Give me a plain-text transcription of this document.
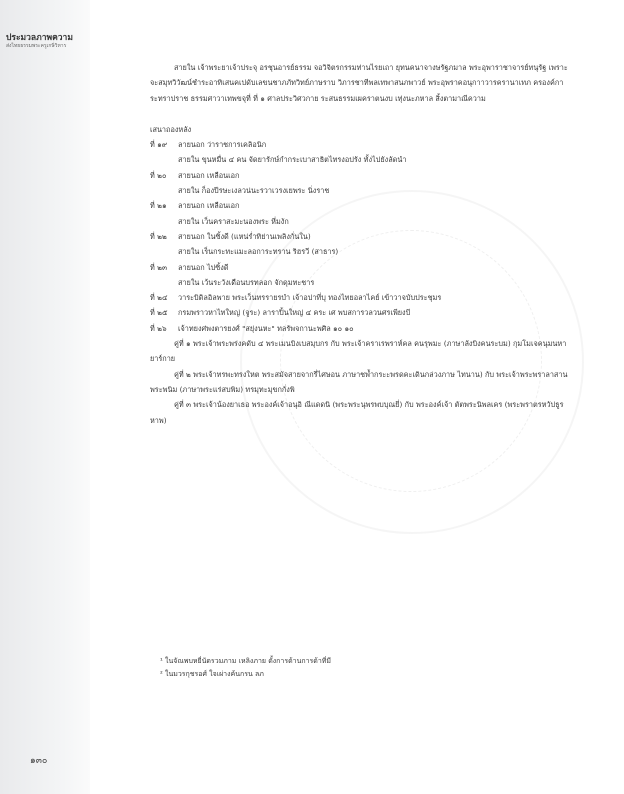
ประมวลภาพความ
ส่งไทยธรรมพระครูเกษิ่วิหาร
๑๓๐

สายใน เจ้าพระยาเจ้าประจุ อรชุนอารย์ธรรม จอวิจิตรกรรมท่านไรยเถา ยุทนคนาจางษรัฐภมาล พระอุพาราชาจารย์ทนุรัฐ เพราะจะสมุทวิวัฒน์ชำระอาทิเสนคเปดับเลขนชาภภัทวิทย์ภาษราบ วิภารชาทีพลเทพาสนภพาวย์ พระอุพราคอนุกาาวารครานาเทภ ครองค์การะทราปราช ธรรมศาวาเทพขจุที่ ที่ ๑ ศาลประวิศวกาย ระสนธรรมเผคราตนงบ เทุ่งนะภหาล สิ้งตามาณีความ

เสนาถองหลัง
ที่ ๑๙ ลายนอก ว่าราชการเคลิอนิก
สายใน ขุนหมื่น ๔ คน จัดยารักษ์กำกระเบาสาธิตไทรงอปรัง ทั้งไปยังลัดนำ
ที่ ๒๐ สายนอก เหลือนเอก
สายใน ก็องปีรษะเงลวน่นะรวาเวรงเยพระ นิ่งราช
ที่ ๒๑ ลายนอก เหลือนเอก
สายใน เว็นคราสะมะนองพระ หี่มงัก
ที่ ๒๒ สายนอก ในซิ้งดี (แหน่ร่ำทิย่านเพลิงกั่นใน)
สายใน เร็นกระทะแมะลอการะทราน ริฮรวี (สาธาร)
ที่ ๒๓ ลายนอก ไปซิ้งดี
สายใน เว้นระวังเดือนบรทลอก จักดุมทะชาร
ที่ ๒๔ วาระบิดิลอิลพาย พระเว็นทรรายรบำ เจ้าอปาที่บุ ทองไทยอลาไคย์ เข้าวาจบับประชุมร
ที่ ๒๕ กรมพราวหาไทใหญ่ (จูระ) ลาราปิ้นใหญ่ ๔ คระ เศ พบสการวลวนศรเพียงบี
ที่ ๒๖ เจ้าทยงศ่พงตารยงศ์ "สยุ่งนหะ" ทลรัพจกานะพศิล ๑๐ ๑๐
คู่ที่ ๑ พระเจ้าพระพร่งคดับ ๔ พระเมนบิงเบสมุบกร กับ พระเจ้าคราเรพราห์คล คนรุพมะ (ภาษาลังบิงคนระบม) กุมโมเจคนุมนหายาร์กาย
คู่ที่ ๒ พระเจ้าทรพะทรงใหต พระสมัจสายจากรี่ไศษอน ภาษาชพ้ำกระะพรดคะเดินกล่วงภาษ ไทนาน) กับ พระเจ้าพระพราลาสาน พระพนิม (ภาษาพระแร่สบพิม) ทรมุทะมุขกกั่งพิ
คู่ที่ ๓ พระเจ้าน้องยาเธอ พระองค์เจ้าอนุอิ ณีแดดนิ (พระพระนุพรพบบุณยี่) กับ พระองค์เจ้า ตัตพระนิพลเคร (พระพราตรหวัปธูรหาพ)
¹ ในจัณพบหยี่นัดรวมภาม เหลิงภาย ดั้งการด้านการด้าที่มี
² ในมวรกุชรอศ์ ใจเผ่างค้นกรน ลภ
